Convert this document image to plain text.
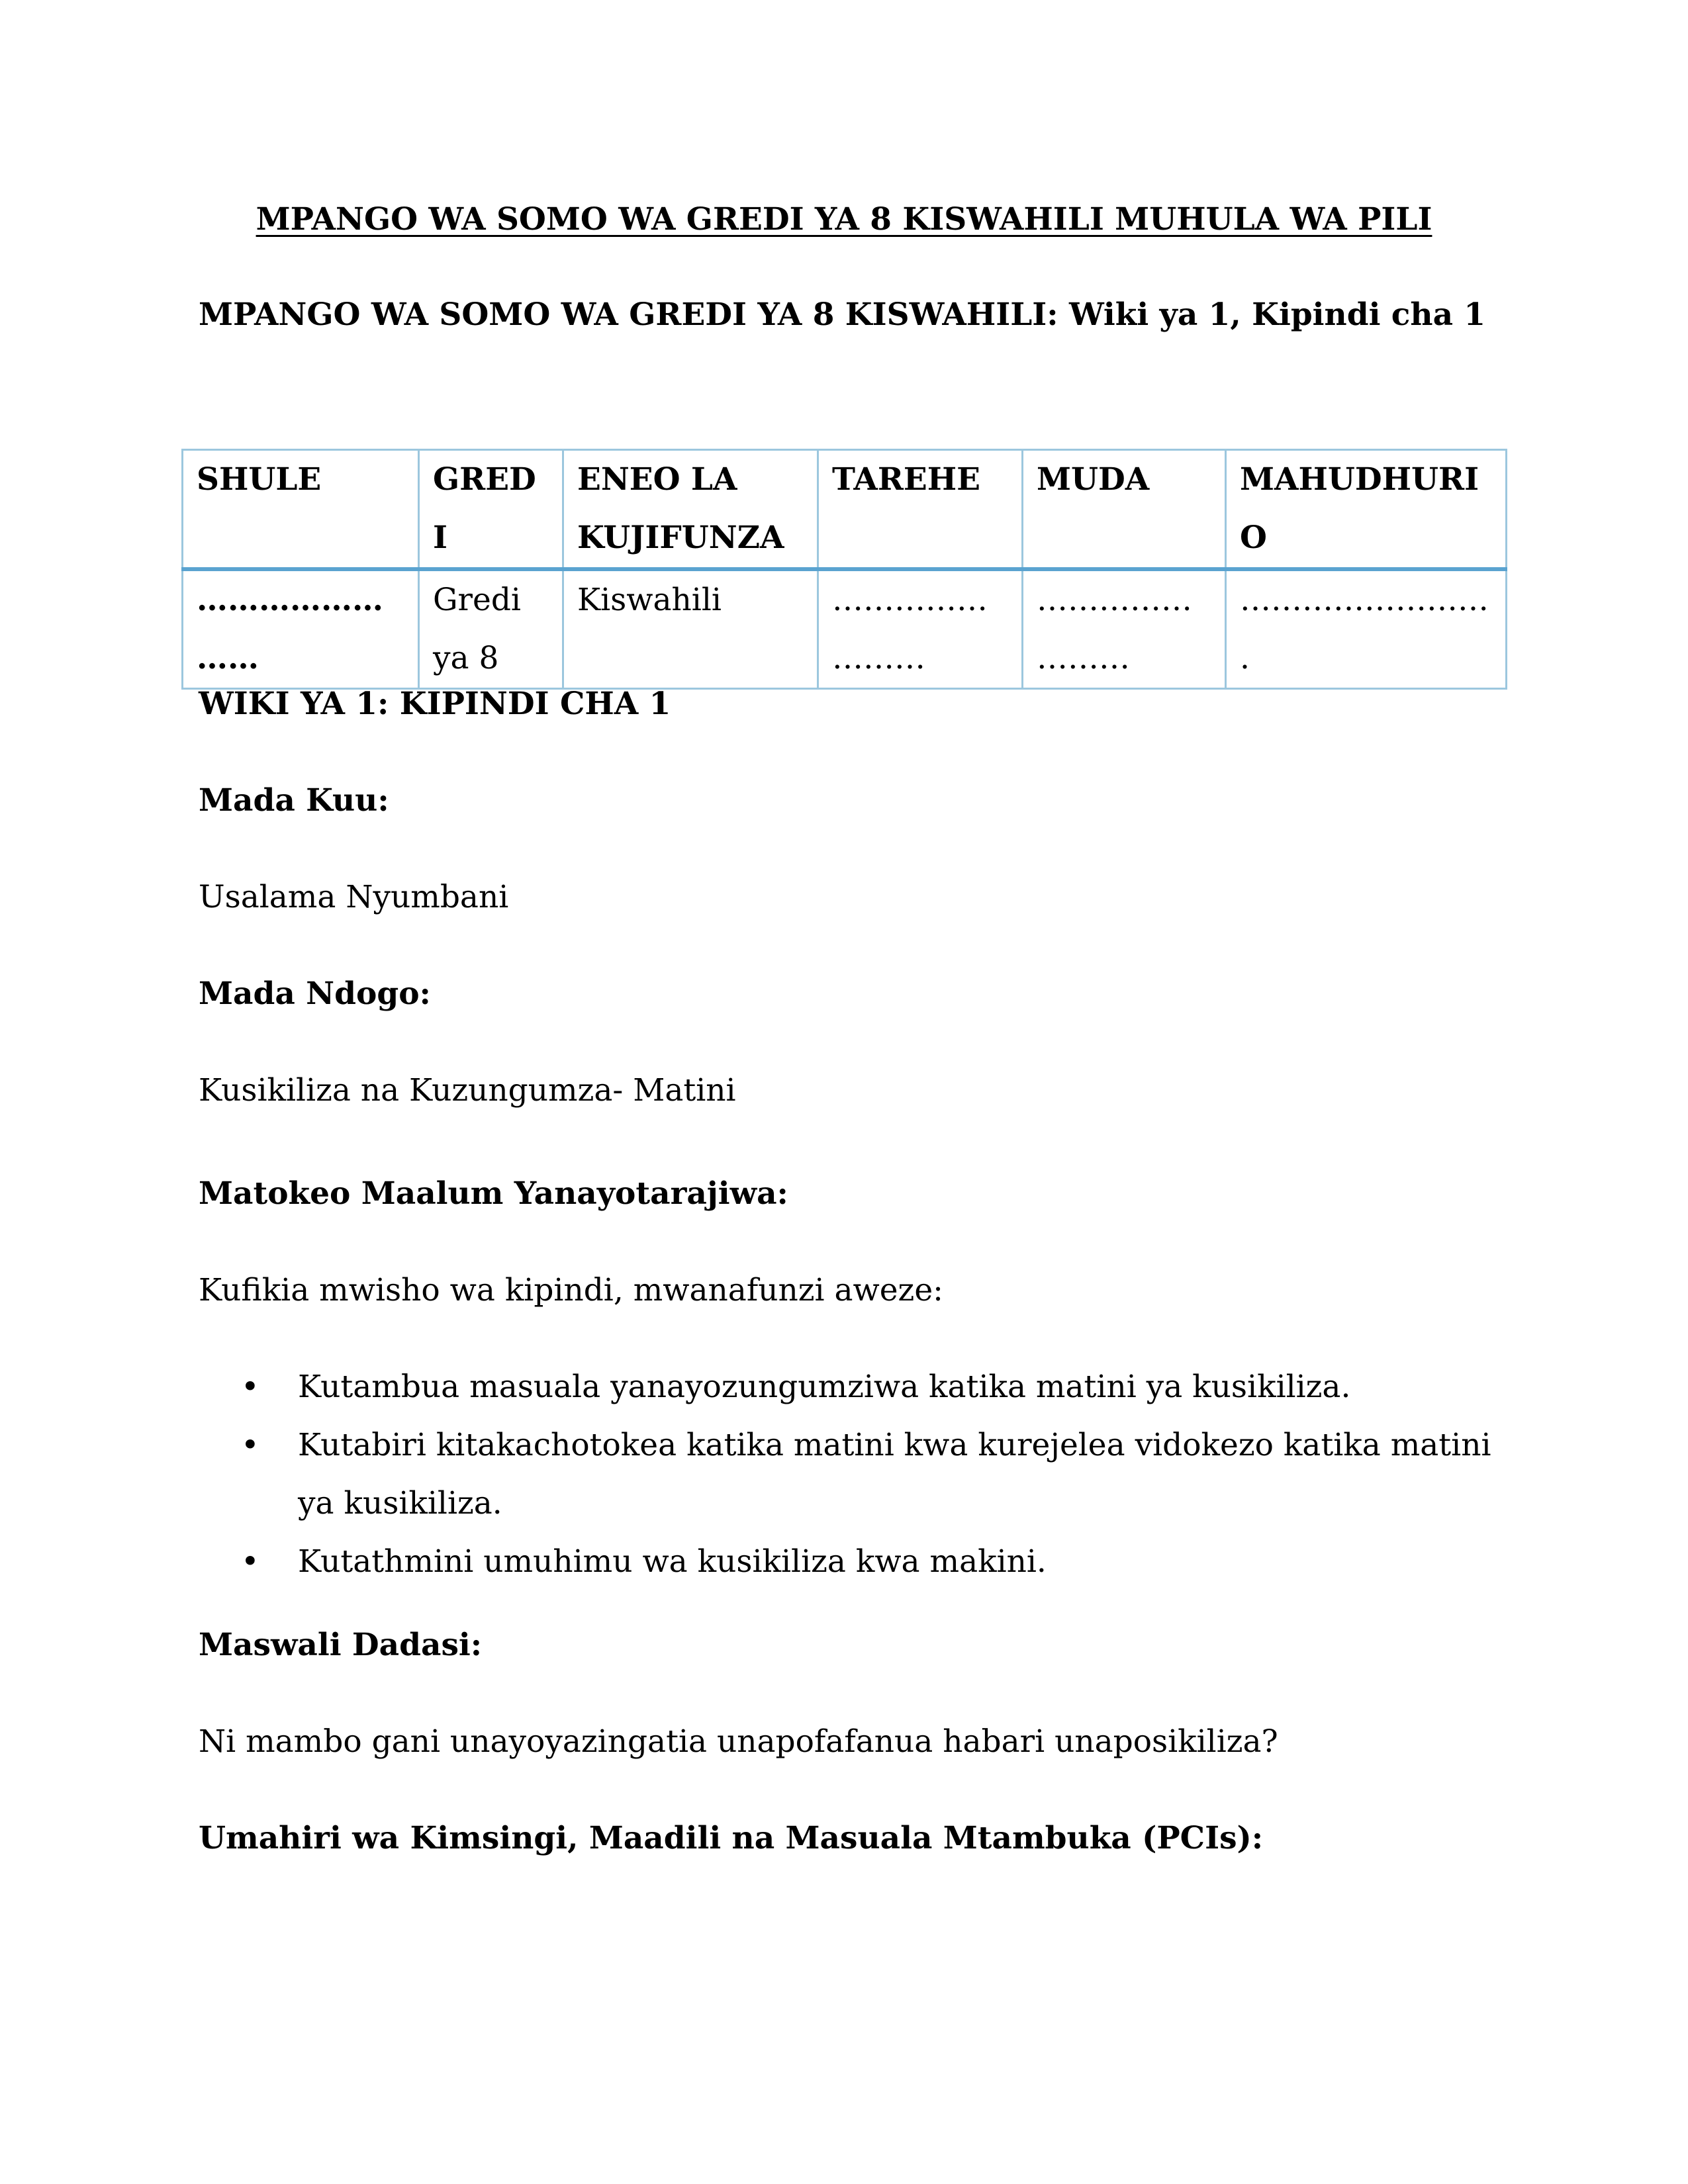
MPANGO WA SOMO WA GREDI YA 8 KISWAHILI MUHULA WA PILI

MPANGO WA SOMO WA GREDI YA 8 KISWAHILI: Wiki ya 1, Kipindi cha 1

SHULE	GREDI	ENEO LA KUJIFUNZA	TAREHE	MUDA	MAHUDHURIO
……………………	Gredi ya 8	Kiswahili	……………………	……………………	…………………….

WIKI YA 1: KIPINDI CHA 1

Mada Kuu:

Usalama Nyumbani

Mada Ndogo:

Kusikiliza na Kuzungumza- Matini

Matokeo Maalum Yanayotarajiwa:

Kufikia mwisho wa kipindi, mwanafunzi aweze:

• Kutambua masuala yanayozungumziwa katika matini ya kusikiliza.
• Kutabiri kitakachotokea katika matini kwa kurejelea vidokezo katika matini ya kusikiliza.
• Kutathmini umuhimu wa kusikiliza kwa makini.

Maswali Dadasi:

Ni mambo gani unayoyazingatia unapofafanua habari unaposikiliza?

Umahiri wa Kimsingi, Maadili na Masuala Mtambuka (PCIs):
